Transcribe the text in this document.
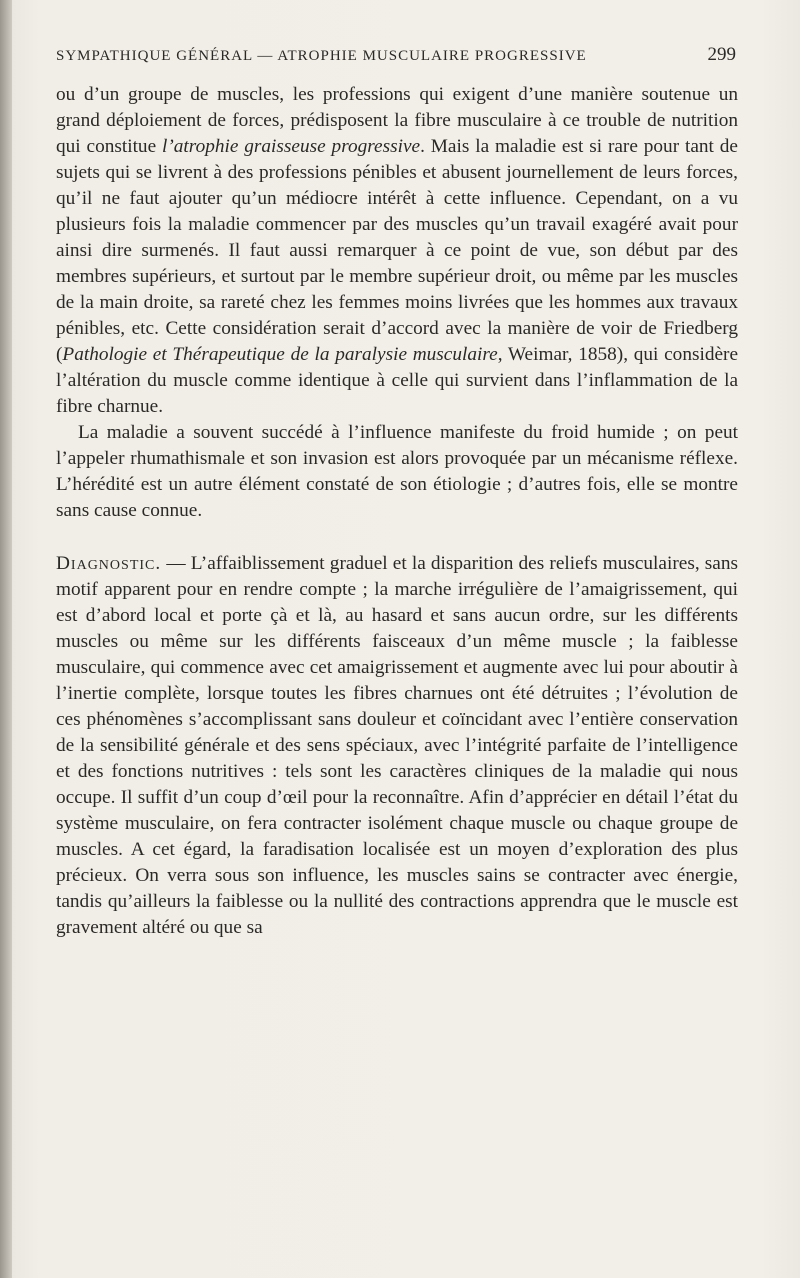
SYMPATHIQUE GÉNÉRAL — ATROPHIE MUSCULAIRE PROGRESSIVE	299

ou d’un groupe de muscles, les professions qui exigent d’une manière soutenue un grand déploiement de forces, prédisposent la fibre musculaire à ce trouble de nutrition qui constitue l’atrophie graisseuse progressive. Mais la maladie est si rare pour tant de sujets qui se livrent à des professions pénibles et abusent journellement de leurs forces, qu’il ne faut ajouter qu’un médiocre intérêt à cette influence. Cependant, on a vu plusieurs fois la maladie commencer par des muscles qu’un travail exagéré avait pour ainsi dire surmenés. Il faut aussi remarquer à ce point de vue, son début par des membres supérieurs, et surtout par le membre supérieur droit, ou même par les muscles de la main droite, sa rareté chez les femmes moins livrées que les hommes aux travaux pénibles, etc. Cette considération serait d’accord avec la manière de voir de Friedberg (Pathologie et Thérapeutique de la paralysie musculaire, Weimar, 1858), qui considère l’altération du muscle comme identique à celle qui survient dans l’inflammation de la fibre charnue.

La maladie a souvent succédé à l’influence manifeste du froid humide ; on peut l’appeler rhumathismale et son invasion est alors provoquée par un mécanisme réflexe. L’hérédité est un autre élément constaté de son étiologie ; d’autres fois, elle se montre sans cause connue.

Diagnostic. — L’affaiblissement graduel et la disparition des reliefs musculaires, sans motif apparent pour en rendre compte ; la marche irrégulière de l’amaigrissement, qui est d’abord local et porte çà et là, au hasard et sans aucun ordre, sur les différents muscles ou même sur les différents faisceaux d’un même muscle ; la faiblesse musculaire, qui commence avec cet amaigrissement et augmente avec lui pour aboutir à l’inertie complète, lorsque toutes les fibres charnues ont été détruites ; l’évolution de ces phénomènes s’accomplissant sans douleur et coïncidant avec l’entière conservation de la sensibilité générale et des sens spéciaux, avec l’intégrité parfaite de l’intelligence et des fonctions nutritives : tels sont les caractères cliniques de la maladie qui nous occupe. Il suffit d’un coup d’œil pour la reconnaître. Afin d’apprécier en détail l’état du système musculaire, on fera contracter isolément chaque muscle ou chaque groupe de muscles. A cet égard, la faradisation localisée est un moyen d’exploration des plus précieux. On verra sous son influence, les muscles sains se contracter avec énergie, tandis qu’ailleurs la faiblesse ou la nullité des contractions apprendra que le muscle est gravement altéré ou que sa
